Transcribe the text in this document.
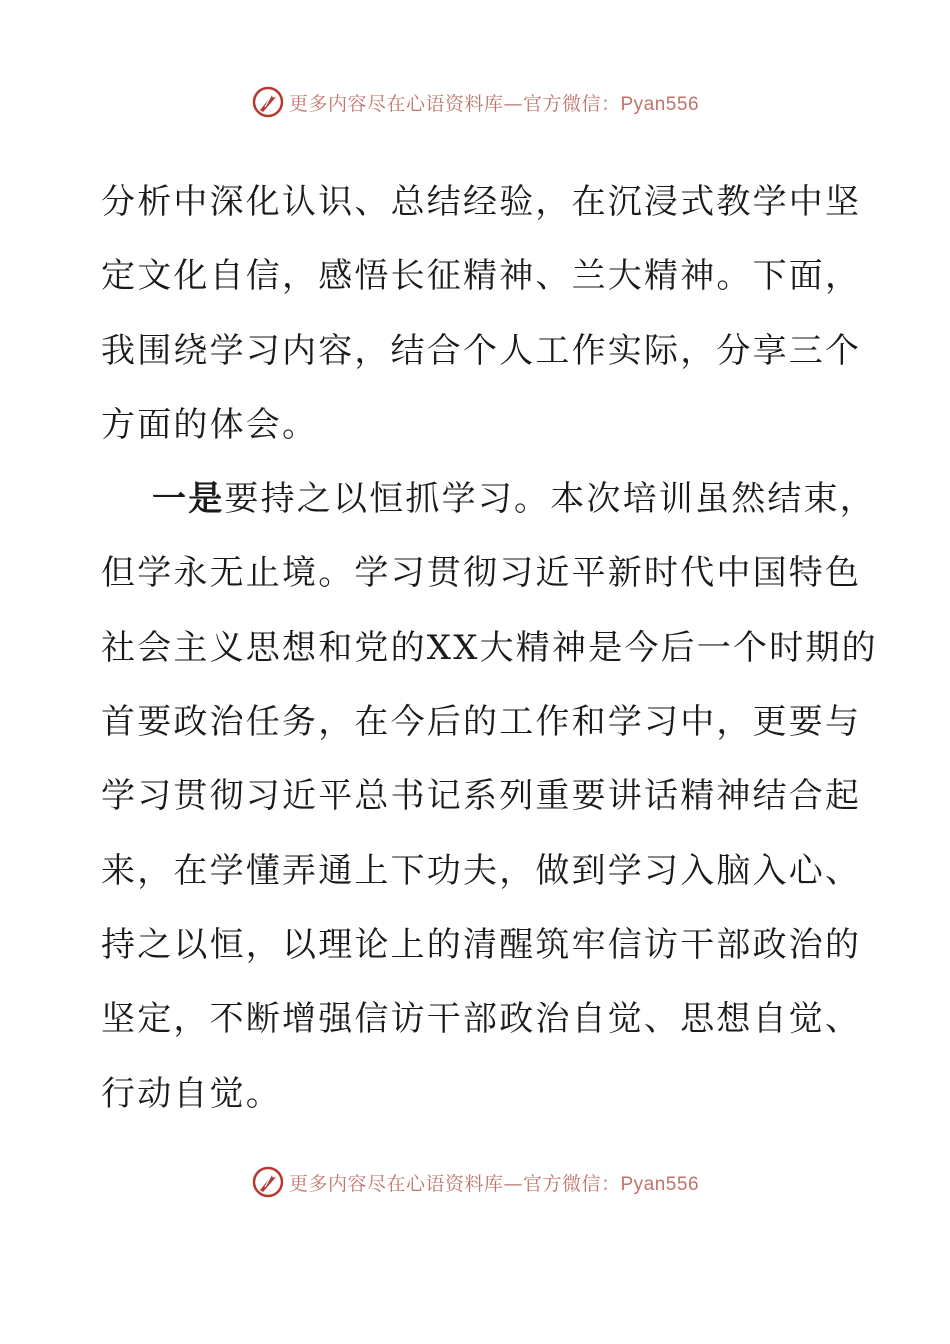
更多内容尽在心语资料库—官方微信：Pyan556
分析中深化认识、总结经验，在沉浸式教学中坚
定文化自信，感悟长征精神、兰大精神。下面，
我围绕学习内容，结合个人工作实际，分享三个
方面的体会。
一是要持之以恒抓学习。本次培训虽然结束，
但学永无止境。学习贯彻习近平新时代中国特色
社会主义思想和党的XX大精神是今后一个时期的
首要政治任务，在今后的工作和学习中，更要与
学习贯彻习近平总书记系列重要讲话精神结合起
来，在学懂弄通上下功夫，做到学习入脑入心、
持之以恒，以理论上的清醒筑牢信访干部政治的
坚定，不断增强信访干部政治自觉、思想自觉、
行动自觉。
更多内容尽在心语资料库—官方微信：Pyan556
